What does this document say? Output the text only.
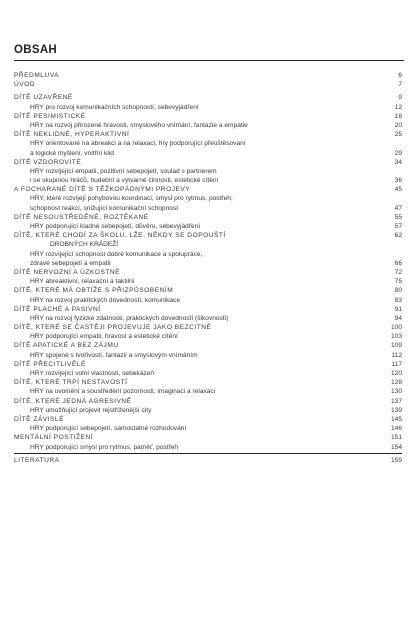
OBSAH
PŘEDMLUVA	6
ÚVOD	7
DÍTĚ UZAVŘENÉ	9
HRY pro rozvoj komunikačních schopností, sebevyjádření	12
DÍTĚ PESIMISTICKÉ	18
HRY na rozvoj přirozené hravosti, smyslového vnímání, fantazie a empatie	20
DÍTĚ NEKLIDNÉ, HYPERAKTIVNÍ	25
HRY orientované na abreakci a na relaxaci, hry podporující přeuštěsovaní
a logické myšlení, vnitřní klid	29
DÍTĚ VZDOROVITÉ	34
HRY rozvíjející empatii, pozitivní sebepojetí, soulad s partnerem
i se skupinou hráčů, hudební a výtvarné činnosti, estetické cítění	36
A FOCHARANÉ DÍTĚ S TĚŽKOPÁDNÝMI PROJEVY	45
HRY, které rozvíjejí pohybovou koordinaci, smysl pro rytmus, postřeh,
schopnost reakcí, snižující komunikační schopnost	47
DÍTĚ NESOUSTŘEDĚNÉ, ROZTĚKANÉ	55
HRY podporující kladné sebepojetí, důvěru, sebevyjádření	57
DÍTĚ, KTERÉ CHODÍ ZA ŠKOLU, LŽE, NĚKDY SE DOPOUŠTÍ	62
DROBNÝCH KRÁDEŽÍ
HRY rozvíjející schopnost dobré komunikace a spolupráce,
zdravé sebepojetí a empatii	66
DÍTĚ NERVOZNÍ A ÚZKOSTNÉ	72
HRY abreaktivní, relaxační a taktilní	75
DÍTĚ, KTERÉ MÁ OBTÍŽE S PŘIZPŮSOBENÍM	80
HRY na rozvoj praktických dovedností, komunikace	83
DÍTĚ PLACHÉ A PASIVNÍ	91
HRY na rozvoj fyzické zdatnosti, praktických dovedností (šikovnosti)	94
DÍTĚ, KTERÉ SE ČASTĚJI PROJEVUJE JAKO BEZCITNÉ	100
HRY podporující empatii, hravost a estetické cítění	103
DÍTĚ APATICKÉ A BEZ ZÁJMU	109
HRY spojené s tvořivostí, fantazií a smyslovým vnímáním	112
DÍTĚ PŘECITLIVĚLÉ	117
HRY rozvíjející volní vlastnosti, sebekázeň	120
DÍTĚ, KTERÉ TRPÍ NESTAVOSTÍ	128
HRY na uvolnění a soustředění pozornosti, imaginaci a relaxaci	130
DÍTĚ, KTERÉ JEDNÁ AGRESIVNĚ	137
HRY umožňující projevit rejstříženější city	139
DÍTĚ ZÁVISLÉ	145
HRY podporující sebepojetí, samostatné rozhodování	146
MENTÁLNÍ POSTIŽENÍ	151
HRY podporující smysl pro rytmus, paměť, postřeh	154
LITERATURA	159
